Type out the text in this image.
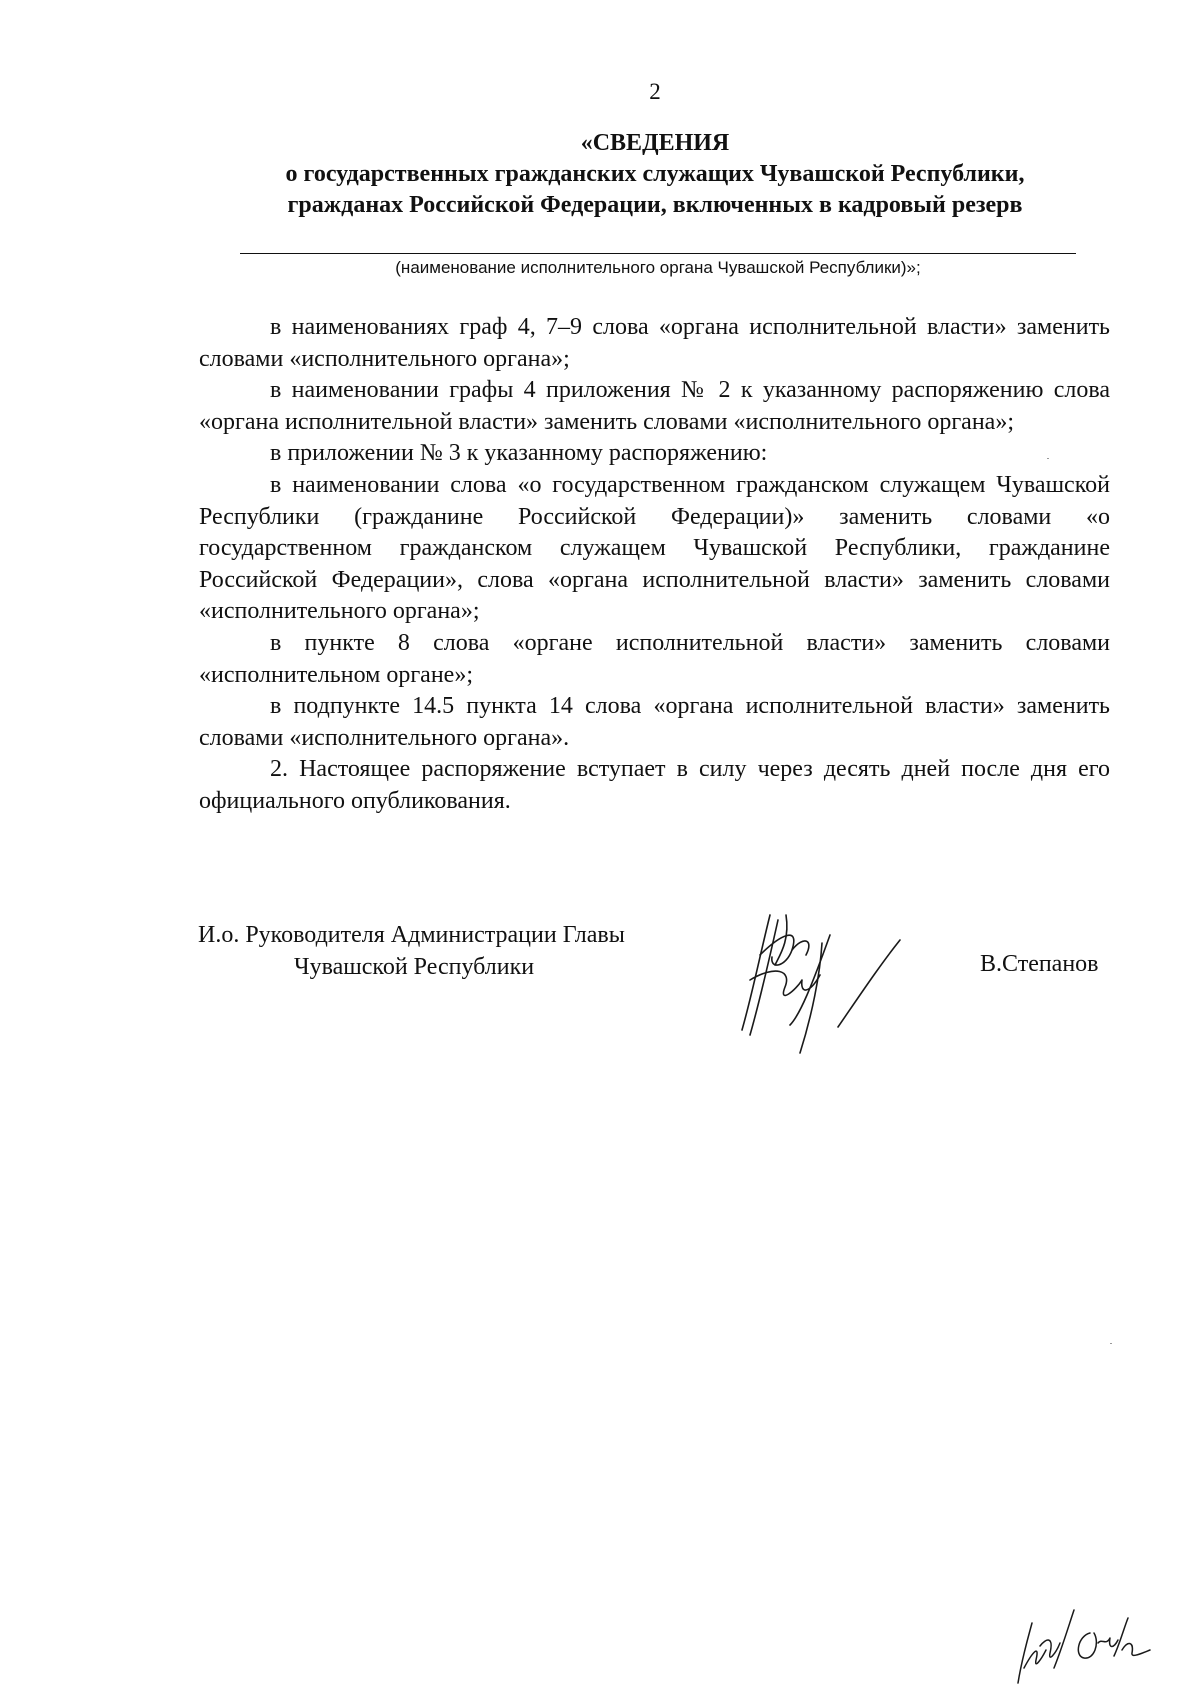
2
«СВЕДЕНИЯ
о государственных гражданских служащих Чувашской Республики,
гражданах Российской Федерации, включенных в кадровый резерв
(наименование исполнительного органа Чувашской Республики)»;

в наименованиях граф 4, 7–9 слова «органа исполнительной власти» заменить словами «исполнительного органа»;

в наименовании графы 4 приложения № 2 к указанному распоряжению слова «органа исполнительной власти» заменить словами «исполнительного органа»;

в приложении № 3 к указанному распоряжению:

в наименовании слова «о государственном гражданском служащем Чувашской Республики (гражданине Российской Федерации)» заменить словами «о государственном гражданском служащем Чувашской Республики, гражданине Российской Федерации», слова «органа исполнительной власти» заменить словами «исполнительного органа»;

в пункте 8 слова «органе исполнительной власти» заменить словами «исполнительном органе»;

в подпункте 14.5 пункта 14 слова «органа исполнительной власти» заменить словами «исполнительного органа».

2. Настоящее распоряжение вступает в силу через десять дней после дня его официального опубликования.

И.о. Руководителя Администрации Главы
Чувашской Республики	В.Степанов
